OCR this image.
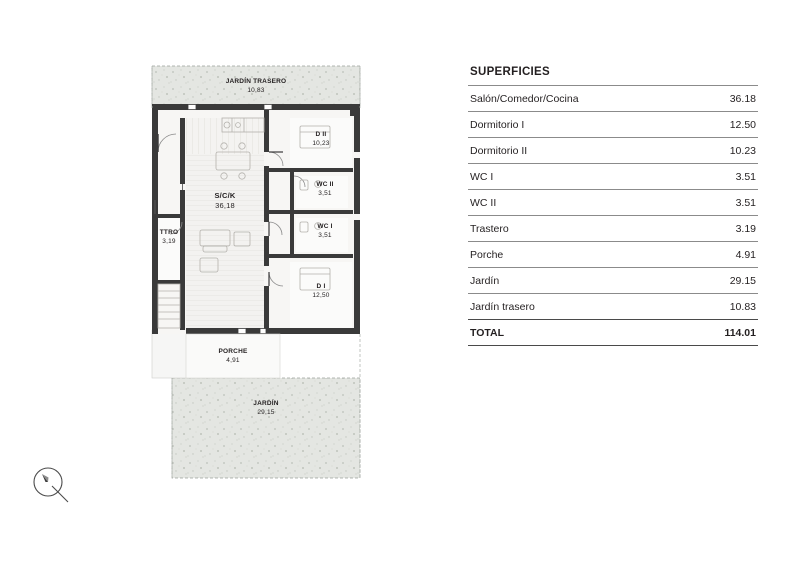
JARDÍN TRASERO
10,83
D II
10,23
S/C/K
36,18
WC II
3,51
WC I
3,51
TTRO
3,19
D I
12,50
PORCHE
4,91
JARDÍN
29,15
SUPERFICIES
Salón/Comedor/Cocina	36.18
Dormitorio I	12.50
Dormitorio II	10.23
WC I	3.51
WC II	3.51
Trastero	3.19
Porche	4.91
Jardín	29.15
Jardín trasero	10.83
TOTAL	114.01
